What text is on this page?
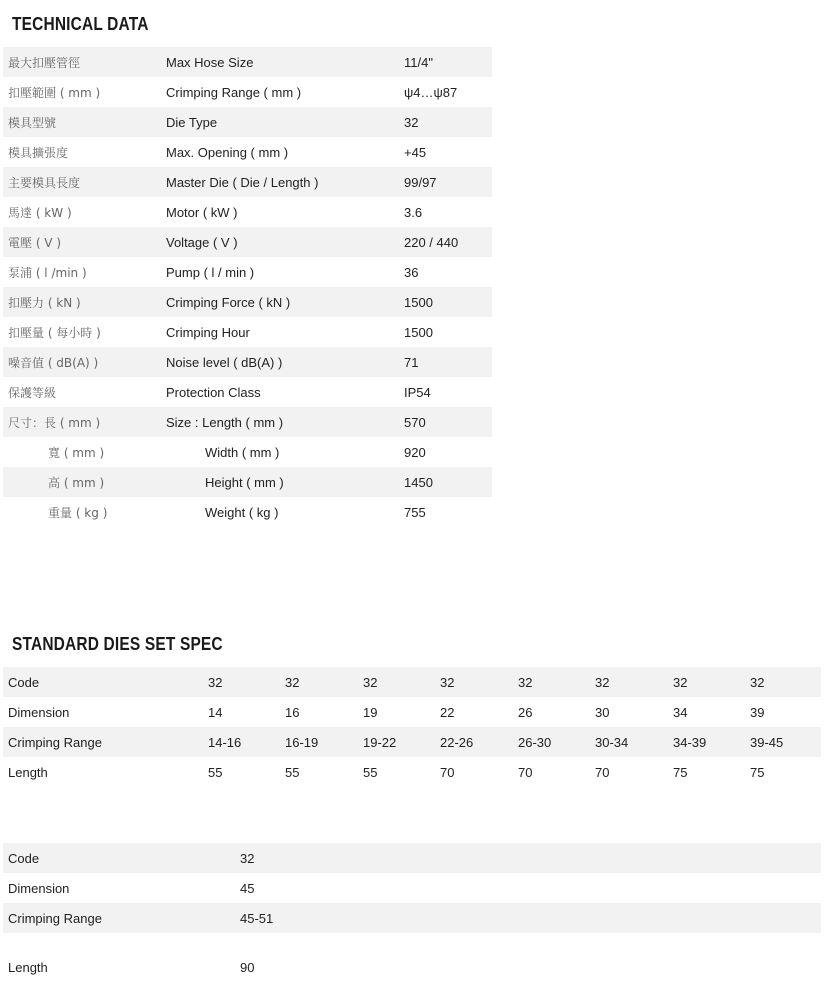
TECHNICAL DATA
最大扣壓管徑	Max Hose Size	11/4"
扣壓範圍 ( mm )	Crimping Range ( mm )	ψ4…ψ87
模具型號	Die Type	32
模具擴張度	Max. Opening ( mm )	+45
主要模具長度	Master Die ( Die / Length )	99/97
馬達 ( kW )	Motor ( kW )	3.6
電壓 ( V )	Voltage ( V )	220 / 440
泵浦 ( l /min )	Pump ( l / min )	36
扣壓力 ( kN )	Crimping Force ( kN )	1500
扣壓量 ( 每小時 )	Crimping Hour	1500
噪音值 ( dB(A) )	Noise level ( dB(A) )	71
保護等級	Protection Class	IP54
尺寸：長 ( mm )	Size : Length ( mm )	570
寬 ( mm )	Width ( mm )	920
高 ( mm )	Height ( mm )	1450
重量 ( kg )	Weight ( kg )	755
STANDARD DIES SET SPEC
Code	32	32	32	32	32	32	32	32
Dimension	14	16	19	22	26	30	34	39
Crimping Range	14-16	16-19	19-22	22-26	26-30	30-34	34-39	39-45
Length	55	55	55	70	70	70	75	75
Code	32
Dimension	45
Crimping Range	45-51
Length	90
